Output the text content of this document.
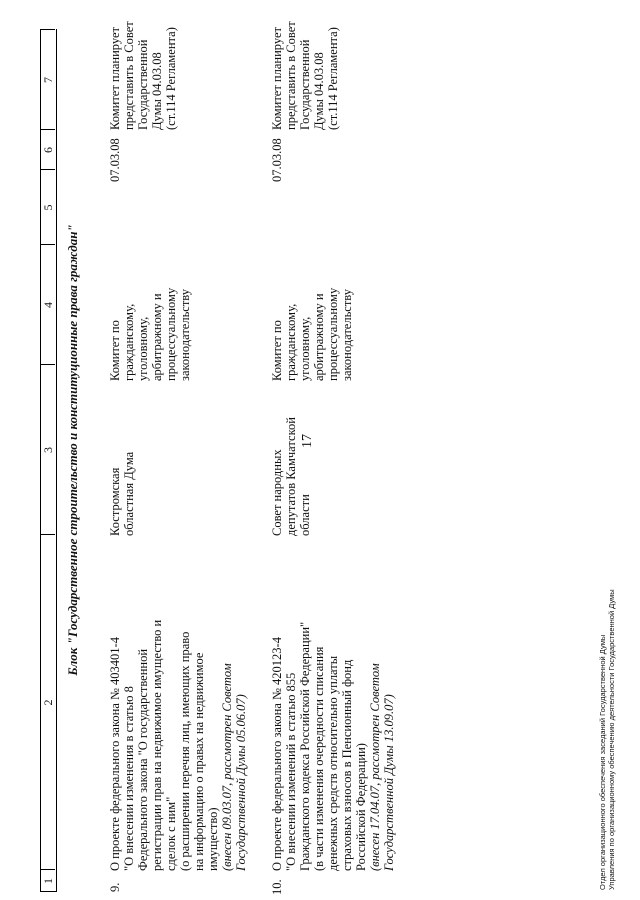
17
Отдел организационного обеспечения заседаний Государственной Думы Управления по организационному обеспечению деятельности Государственной Думы
1
2
3
4
5
6
7
Блок "Государственное строительство и конституционные права граждан"
9.
О проекте федерального закона № 403401-4 "О внесении изменения в статью 8 Федерального закона "О государственной регистрации прав на недвижимое имущество и сделок с ним" (о расширении перечня лиц, имеющих право на информацию о правах на недвижимое имущество) (внесен 09.03.07, рассмотрен Советом Государственной Думы 05.06.07)
Костромская областная Дума
Комитет по гражданскому, уголовному, арбитражному и процессуальному законодательству
07.03.08
Комитет планирует представить в Совет Государственной Думы 04.03.08 (ст.114 Регламента)
10.
О проекте федерального закона № 420123-4 "О внесении изменений в статью 855 Гражданского кодекса Российской Федерации" (в части изменения очередности списания денежных средств относительно уплаты страховых взносов в Пенсионный фонд Российской Федерации) (внесен 17.04.07, рассмотрен Советом Государственной Думы 13.09.07)
Совет народных депутатов Камчатской области
Комитет по гражданскому, уголовному, арбитражному и процессуальному законодательству
07.03.08
Комитет планирует представить в Совет Государственной Думы 04.03.08 (ст.114 Регламента)
